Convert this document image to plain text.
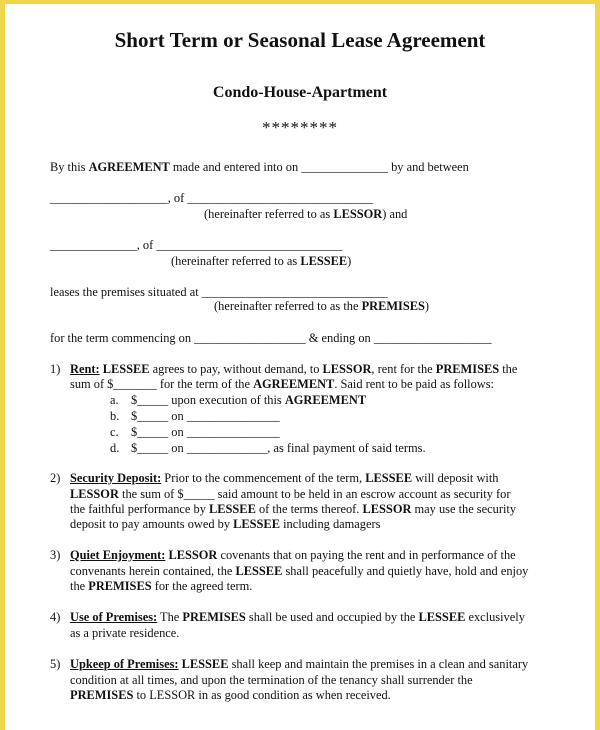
Short Term or Seasonal Lease Agreement
Condo-House-Apartment
********
By this AGREEMENT made and entered into on ______________ by and between
___________________, of ______________________________
(hereinafter referred to as LESSOR) and
______________, of ______________________________
(hereinafter referred to as LESSEE)
leases the premises situated at ______________________________
(hereinafter referred to as the PREMISES)
for the term commencing on __________________ & ending on ___________________
1) Rent: LESSEE agrees to pay, without demand, to LESSOR, rent for the PREMISES the
sum of $_______ for the term of the AGREEMENT. Said rent to be paid as follows:
a. $_____ upon execution of this AGREEMENT
b. $_____ on _______________
c. $_____ on _______________
d. $_____ on _____________, as final payment of said terms.
2) Security Deposit: Prior to the commencement of the term, LESSEE will deposit with
LESSOR the sum of $_____ said amount to be held in an escrow account as security for
the faithful performance by LESSEE of the terms thereof. LESSOR may use the security
deposit to pay amounts owed by LESSEE including damagers
3) Quiet Enjoyment: LESSOR covenants that on paying the rent and in performance of the
convenants herein contained, the LESSEE shall peacefully and quietly have, hold and enjoy
the PREMISES for the agreed term.
4) Use of Premises: The PREMISES shall be used and occupied by the LESSEE exclusively
as a private residence.
5) Upkeep of Premises: LESSEE shall keep and maintain the premises in a clean and sanitary
condition at all times, and upon the termination of the tenancy shall surrender the
PREMISES to LESSOR in as good condition as when received.
